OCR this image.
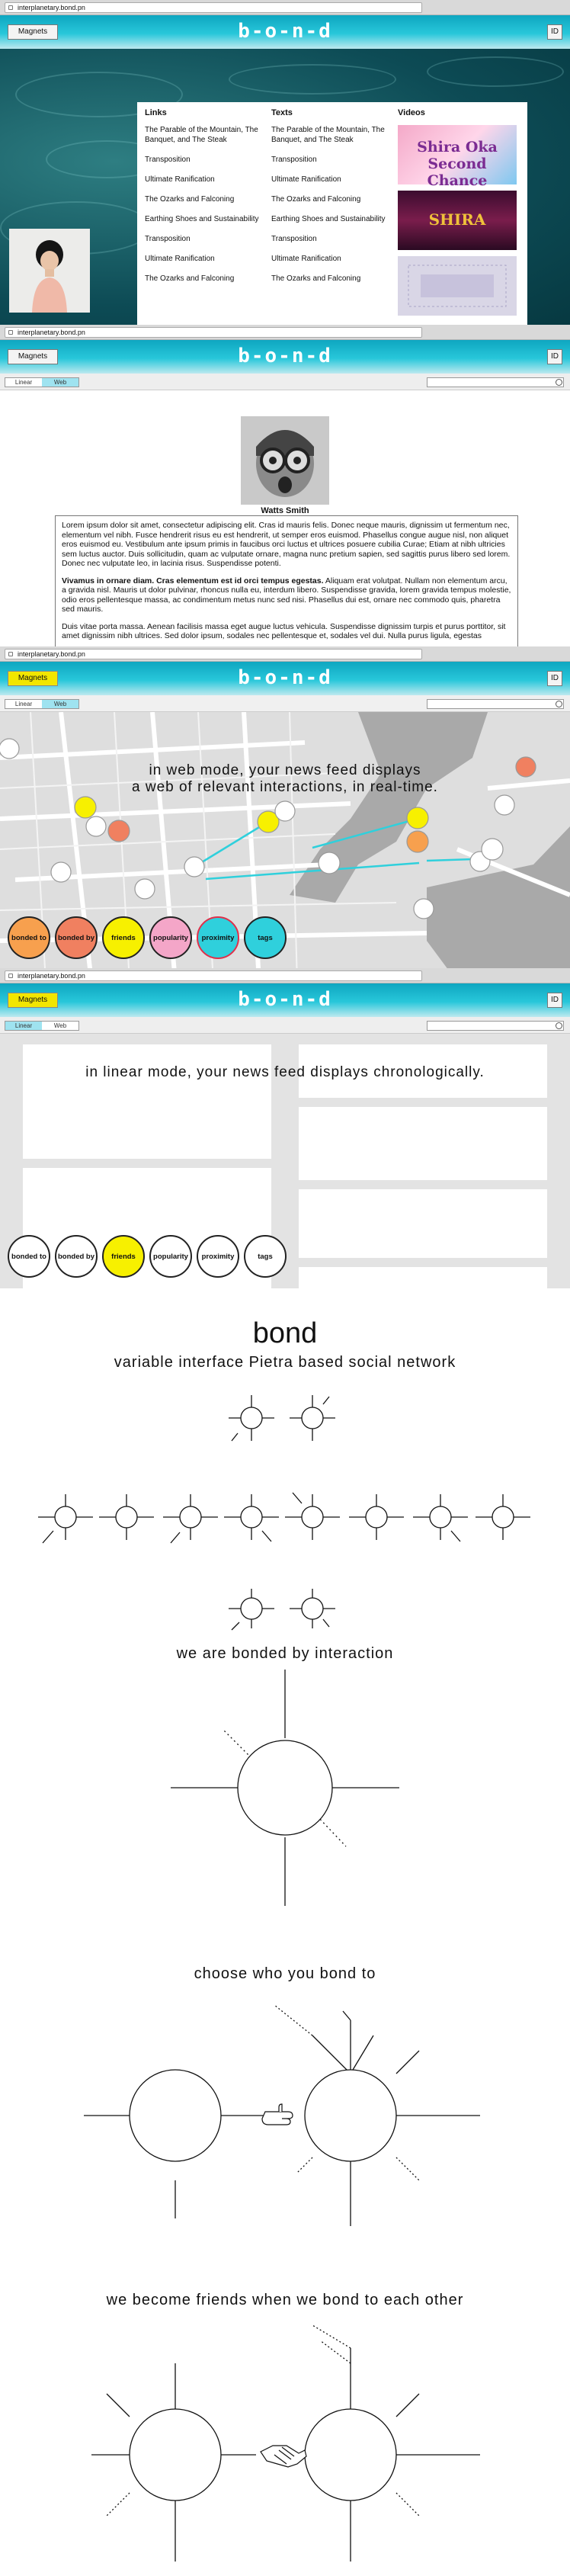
interplanetary.bond.pn
Magnets	b-o-n-d	ID
Links

The Parable of the Mountain, The Banquet, and The Steak

Transposition

Ultimate Ranification

The Ozarks and Falconing

Earthing Shoes and Sustainability

Transposition

Ultimate Ranification

The Ozarks and Falconing

Texts

The Parable of the Mountain, The Banquet, and The Steak

Transposition

Ultimate Ranification

The Ozarks and Falconing

Earthing Shoes and Sustainability

Transposition

Ultimate Ranification

The Ozarks and Falconing

Videos
Shira Oka Second Chance
SHIRA
interplanetary.bond.pn
Magnets	b-o-n-d	ID
Linear	Web
Watts Smith

Lorem ipsum dolor sit amet, consectetur adipiscing elit. Cras id mauris felis. Donec neque mauris, dignissim ut fermentum nec, elementum vel nibh. Fusce hendrerit risus eu est hendrerit, ut semper eros euismod. Phasellus congue augue nisl, non aliquet eros euismod eu. Vestibulum ante ipsum primis in faucibus orci luctus et ultrices posuere cubilia Curae; Etiam at nibh ultricies sem luctus auctor. Duis sollicitudin, quam ac vulputate ornare, magna nunc pretium sapien, sed sagittis purus libero sed lorem. Donec nec vulputate leo, in lacinia risus. Suspendisse potenti.

Vivamus in ornare diam. Cras elementum est id orci tempus egestas. Aliquam erat volutpat. Nullam non elementum arcu, a gravida nisl. Mauris ut dolor pulvinar, rhoncus nulla eu, interdum libero. Suspendisse gravida, lorem gravida tempus molestie, odio eros pellentesque massa, ac condimentum metus nunc sed nisi. Phasellus dui est, ornare nec commodo quis, pharetra sed mauris.

Duis vitae porta massa. Aenean facilisis massa eget augue luctus vehicula. Suspendisse dignissim turpis et purus porttitor, sit amet dignissim nibh ultrices. Sed dolor ipsum, sodales nec pellentesque et, sodales vel dui. Nulla purus ligula, egestas

interplanetary.bond.pn
Magnets	b-o-n-d	ID
in web mode, your news feed displays
a web of relevant interactions, in real-time.
Linear	Web
bonded to	bonded by	friends	popularity	proximity	tags
interplanetary.bond.pn
Magnets	b-o-n-d	ID
Linear	Web
in linear mode, your news feed displays chronologically.
bonded to	bonded by	friends	popularity	proximity	tags
bond
variable interface Pietra based social network
we are bonded by interaction
choose who you bond to
we become friends when we bond to each other
